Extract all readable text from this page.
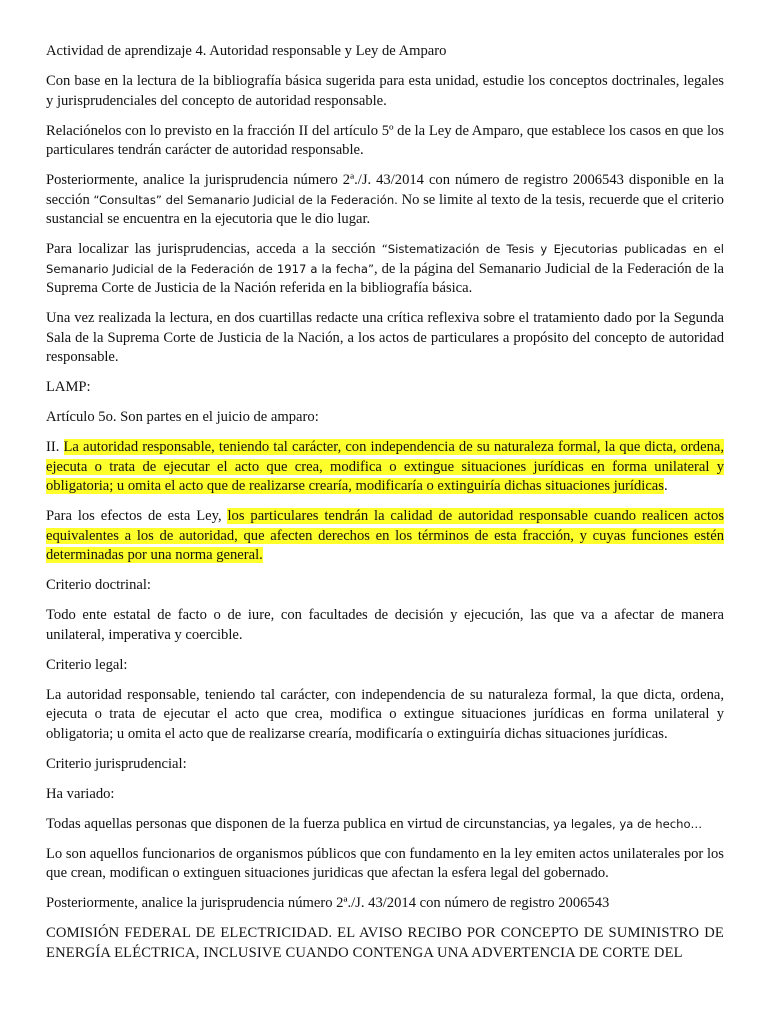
Actividad de aprendizaje 4. Autoridad responsable y Ley de Amparo

Con base en la lectura de la bibliografía básica sugerida para esta unidad, estudie los conceptos doctrinales, legales y jurisprudenciales del concepto de autoridad responsable.

Relaciónelos con lo previsto en la fracción II del artículo 5º de la Ley de Amparo, que establece los casos en que los particulares tendrán carácter de autoridad responsable.

Posteriormente, analice la jurisprudencia número 2ª./J. 43/2014 con número de registro 2006543 disponible en la sección “Consultas” del Semanario Judicial de la Federación. No se limite al texto de la tesis, recuerde que el criterio sustancial se encuentra en la ejecutoria que le dio lugar.

Para localizar las jurisprudencias, acceda a la sección “Sistematización de Tesis y Ejecutorias publicadas en el Semanario Judicial de la Federación de 1917 a la fecha”, de la página del Semanario Judicial de la Federación de la Suprema Corte de Justicia de la Nación referida en la bibliografía básica.

Una vez realizada la lectura, en dos cuartillas redacte una crítica reflexiva sobre el tratamiento dado por la Segunda Sala de la Suprema Corte de Justicia de la Nación, a los actos de particulares a propósito del concepto de autoridad responsable.

LAMP:

Artículo 5o. Son partes en el juicio de amparo:

II. La autoridad responsable, teniendo tal carácter, con independencia de su naturaleza formal, la que dicta, ordena, ejecuta o trata de ejecutar el acto que crea, modifica o extingue situaciones jurídicas en forma unilateral y obligatoria; u omita el acto que de realizarse crearía, modificaría o extinguiría dichas situaciones jurídicas.

Para los efectos de esta Ley, los particulares tendrán la calidad de autoridad responsable cuando realicen actos equivalentes a los de autoridad, que afecten derechos en los términos de esta fracción, y cuyas funciones estén determinadas por una norma general.

Criterio doctrinal:

Todo ente estatal de facto o de iure, con facultades de decisión y ejecución, las que va a afectar de manera unilateral, imperativa y coercible.

Criterio legal:

La autoridad responsable, teniendo tal carácter, con independencia de su naturaleza formal, la que dicta, ordena, ejecuta o trata de ejecutar el acto que crea, modifica o extingue situaciones jurídicas en forma unilateral y obligatoria; u omita el acto que de realizarse crearía, modificaría o extinguiría dichas situaciones jurídicas.

Criterio jurisprudencial:

Ha variado:

Todas aquellas personas que disponen de la fuerza publica en virtud de circunstancias, ya legales, ya de hecho…

Lo son aquellos funcionarios de organismos públicos que con fundamento en la ley emiten actos unilaterales por los que crean, modifican o extinguen situaciones juridicas que afectan la esfera legal del gobernado.

Posteriormente, analice la jurisprudencia número 2ª./J. 43/2014 con número de registro 2006543

COMISIÓN FEDERAL DE ELECTRICIDAD. EL AVISO RECIBO POR CONCEPTO DE SUMINISTRO DE ENERGÍA ELÉCTRICA, INCLUSIVE CUANDO CONTENGA UNA ADVERTENCIA DE CORTE DEL
